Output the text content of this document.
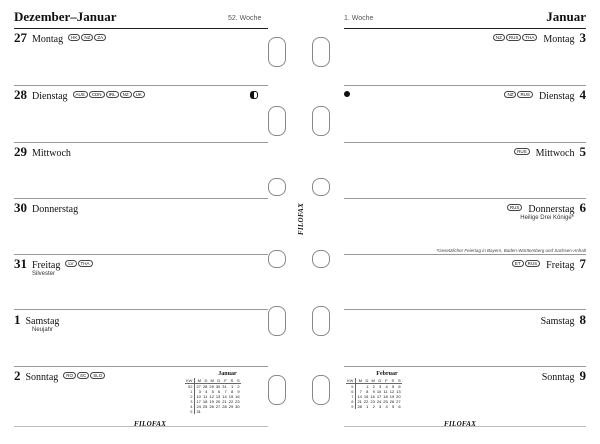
Dezember–Januar	52. Woche
27 Montag HK NZ ZA
28 Dienstag AUS CDN IRL NZ UK
29 Mittwoch
30 Donnerstag
31 Freitag LV THA
Silvester
1 Samstag
Neujahr
2 Sonntag RO SC SLO	Januar
KW	M	D	M	D	F	S	S
52	27	28	29	30	31	1	2
1	3	4	5	6	7	8	9
2	10	11	12	13	14	15	16
3	17	18	19	20	21	22	23
4	24	25	26	27	28	29	30
5	31						
FILOFAX
1. Woche	Januar
*Gesetzlicher Feiertag in Bayern, Baden-Württemberg und Sachsen-Anhalt
NZ RUS THA Montag 3
NZ RUS Dienstag 4
RUS Mittwoch 5
RUS Donnerstag 6
Heilige Drei Könige*
ET RUS Freitag 7
Samstag 8
Sonntag 9
Februar
KW	M	D	M	D	F	S	S
5		1	2	3	4	5	6
6	7	8	9	10	11	12	13
7	14	15	16	17	18	19	20
8	21	22	23	24	25	26	27
9	28	1	2	3	4	5	6
FILOFAX
FILOFAX
